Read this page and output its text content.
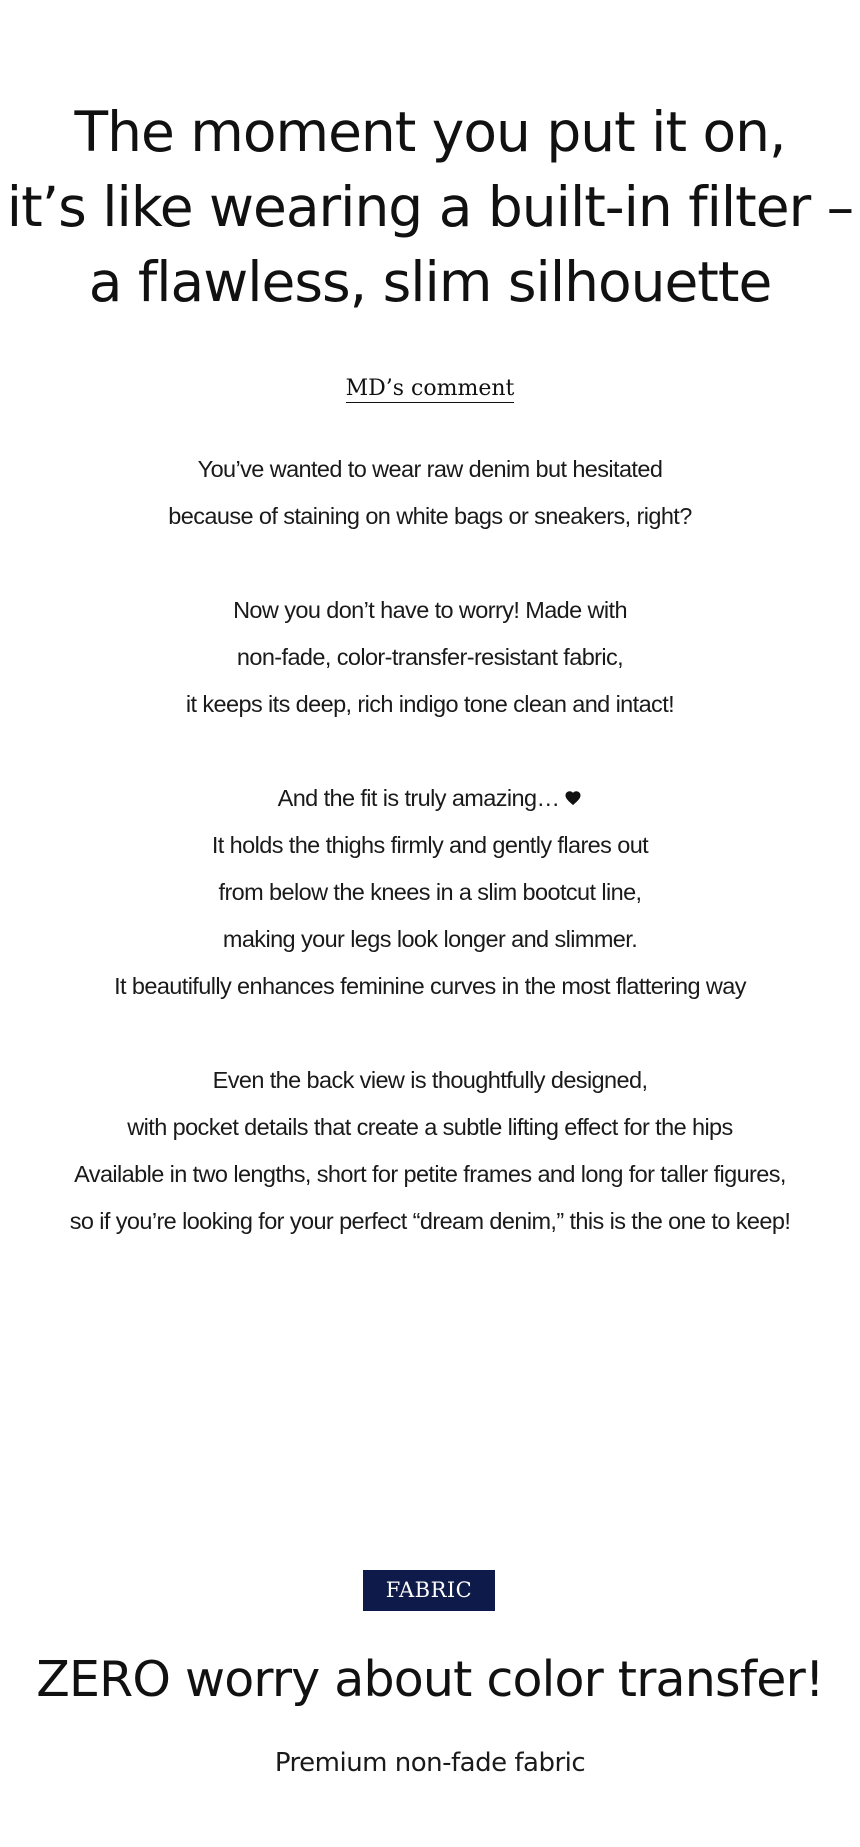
The moment you put it on,
it’s like wearing a built-in filter –
a flawless, slim silhouette
MD’s comment
You’ve wanted to wear raw denim but hesitated
because of staining on white bags or sneakers, right?
Now you don’t have to worry! Made with
non-fade, color-transfer-resistant fabric,
it keeps its deep, rich indigo tone clean and intact!
And the fit is truly amazing…
It holds the thighs firmly and gently flares out
from below the knees in a slim bootcut line,
making your legs look longer and slimmer.
It beautifully enhances feminine curves in the most flattering way
Even the back view is thoughtfully designed,
with pocket details that create a subtle lifting effect for the hips
Available in two lengths, short for petite frames and long for taller figures,
so if you’re looking for your perfect “dream denim,” this is the one to keep!
FABRIC
ZERO worry about color transfer!
Premium non-fade fabric
